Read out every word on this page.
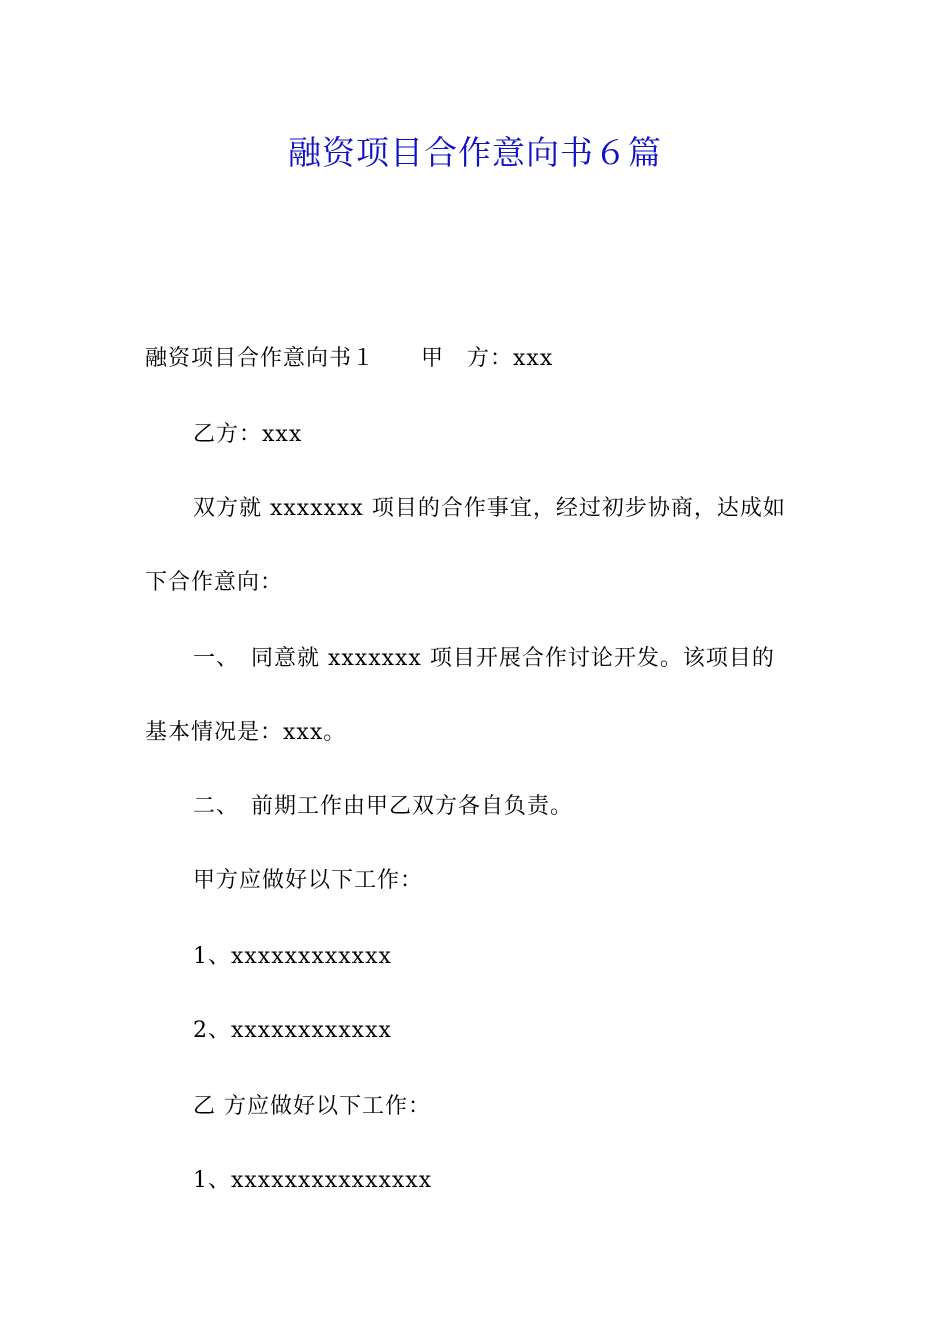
融资项目合作意向书６篇
融资项目合作意向书１　　甲　方：xxx
乙方：xxx
双方就 xxxxxxx 项目的合作事宜，经过初步协商，达成如
下合作意向：
一、　同意就 xxxxxxx 项目开展合作讨论开发。该项目的
基本情况是：xxx。
二、　前期工作由甲乙双方各自负责。
甲方应做好以下工作：
1、xxxxxxxxxxxx
2、xxxxxxxxxxxx
乙 方应做好以下工作：
1、xxxxxxxxxxxxxxx
